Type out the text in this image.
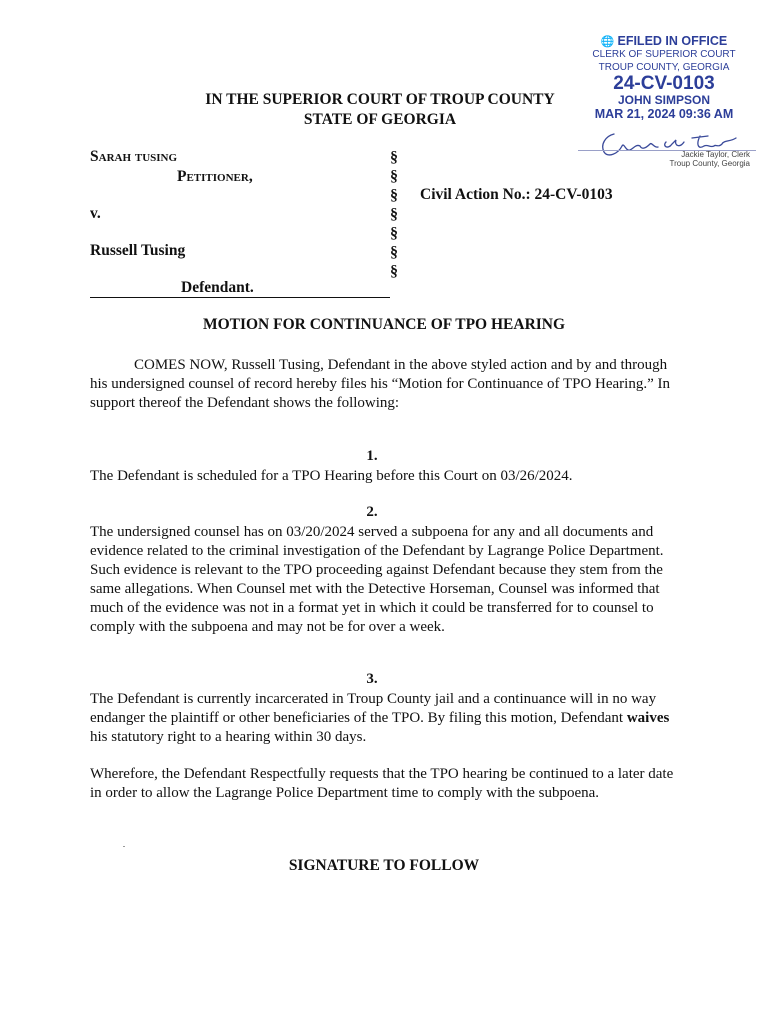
🌐 EFILED IN OFFICE
CLERK OF SUPERIOR COURT
TROUP COUNTY, GEORGIA
24-CV-0103
JOHN SIMPSON
MAR 21, 2024 09:36 AM
Jackie Taylor, Clerk
Troup County, Georgia
IN THE SUPERIOR COURT OF TROUP COUNTY
STATE OF GEORGIA
Sarah tusing
Petitioner,
v.
Russell Tusing
§
§
§
§
§
§
§
Civil Action No.: 24-CV-0103
Defendant.
MOTION FOR CONTINUANCE OF TPO HEARING
COMES NOW, Russell Tusing, Defendant in the above styled action and by and through his undersigned counsel of record hereby files his “Motion for Continuance of TPO Hearing.” In support thereof the Defendant shows the following:
1.
The Defendant is scheduled for a TPO Hearing before this Court on 03/26/2024.
2.
The undersigned counsel has on 03/20/2024 served a subpoena for any and all documents and evidence related to the criminal investigation of the Defendant by Lagrange Police Department. Such evidence is relevant to the TPO proceeding against Defendant because they stem from the same allegations. When Counsel met with the Detective Horseman, Counsel was informed that much of the evidence was not in a format yet in which it could be transferred for to counsel to comply with the subpoena and may not be for over a week.
3.
The Defendant is currently incarcerated in Troup County jail and a continuance will in no way endanger the plaintiff or other beneficiaries of the TPO. By filing this motion, Defendant waives his statutory right to a hearing within 30 days.
Wherefore, the Defendant Respectfully requests that the TPO hearing be continued to a later date in order to allow the Lagrange Police Department time to comply with the subpoena.
SIGNATURE TO FOLLOW
